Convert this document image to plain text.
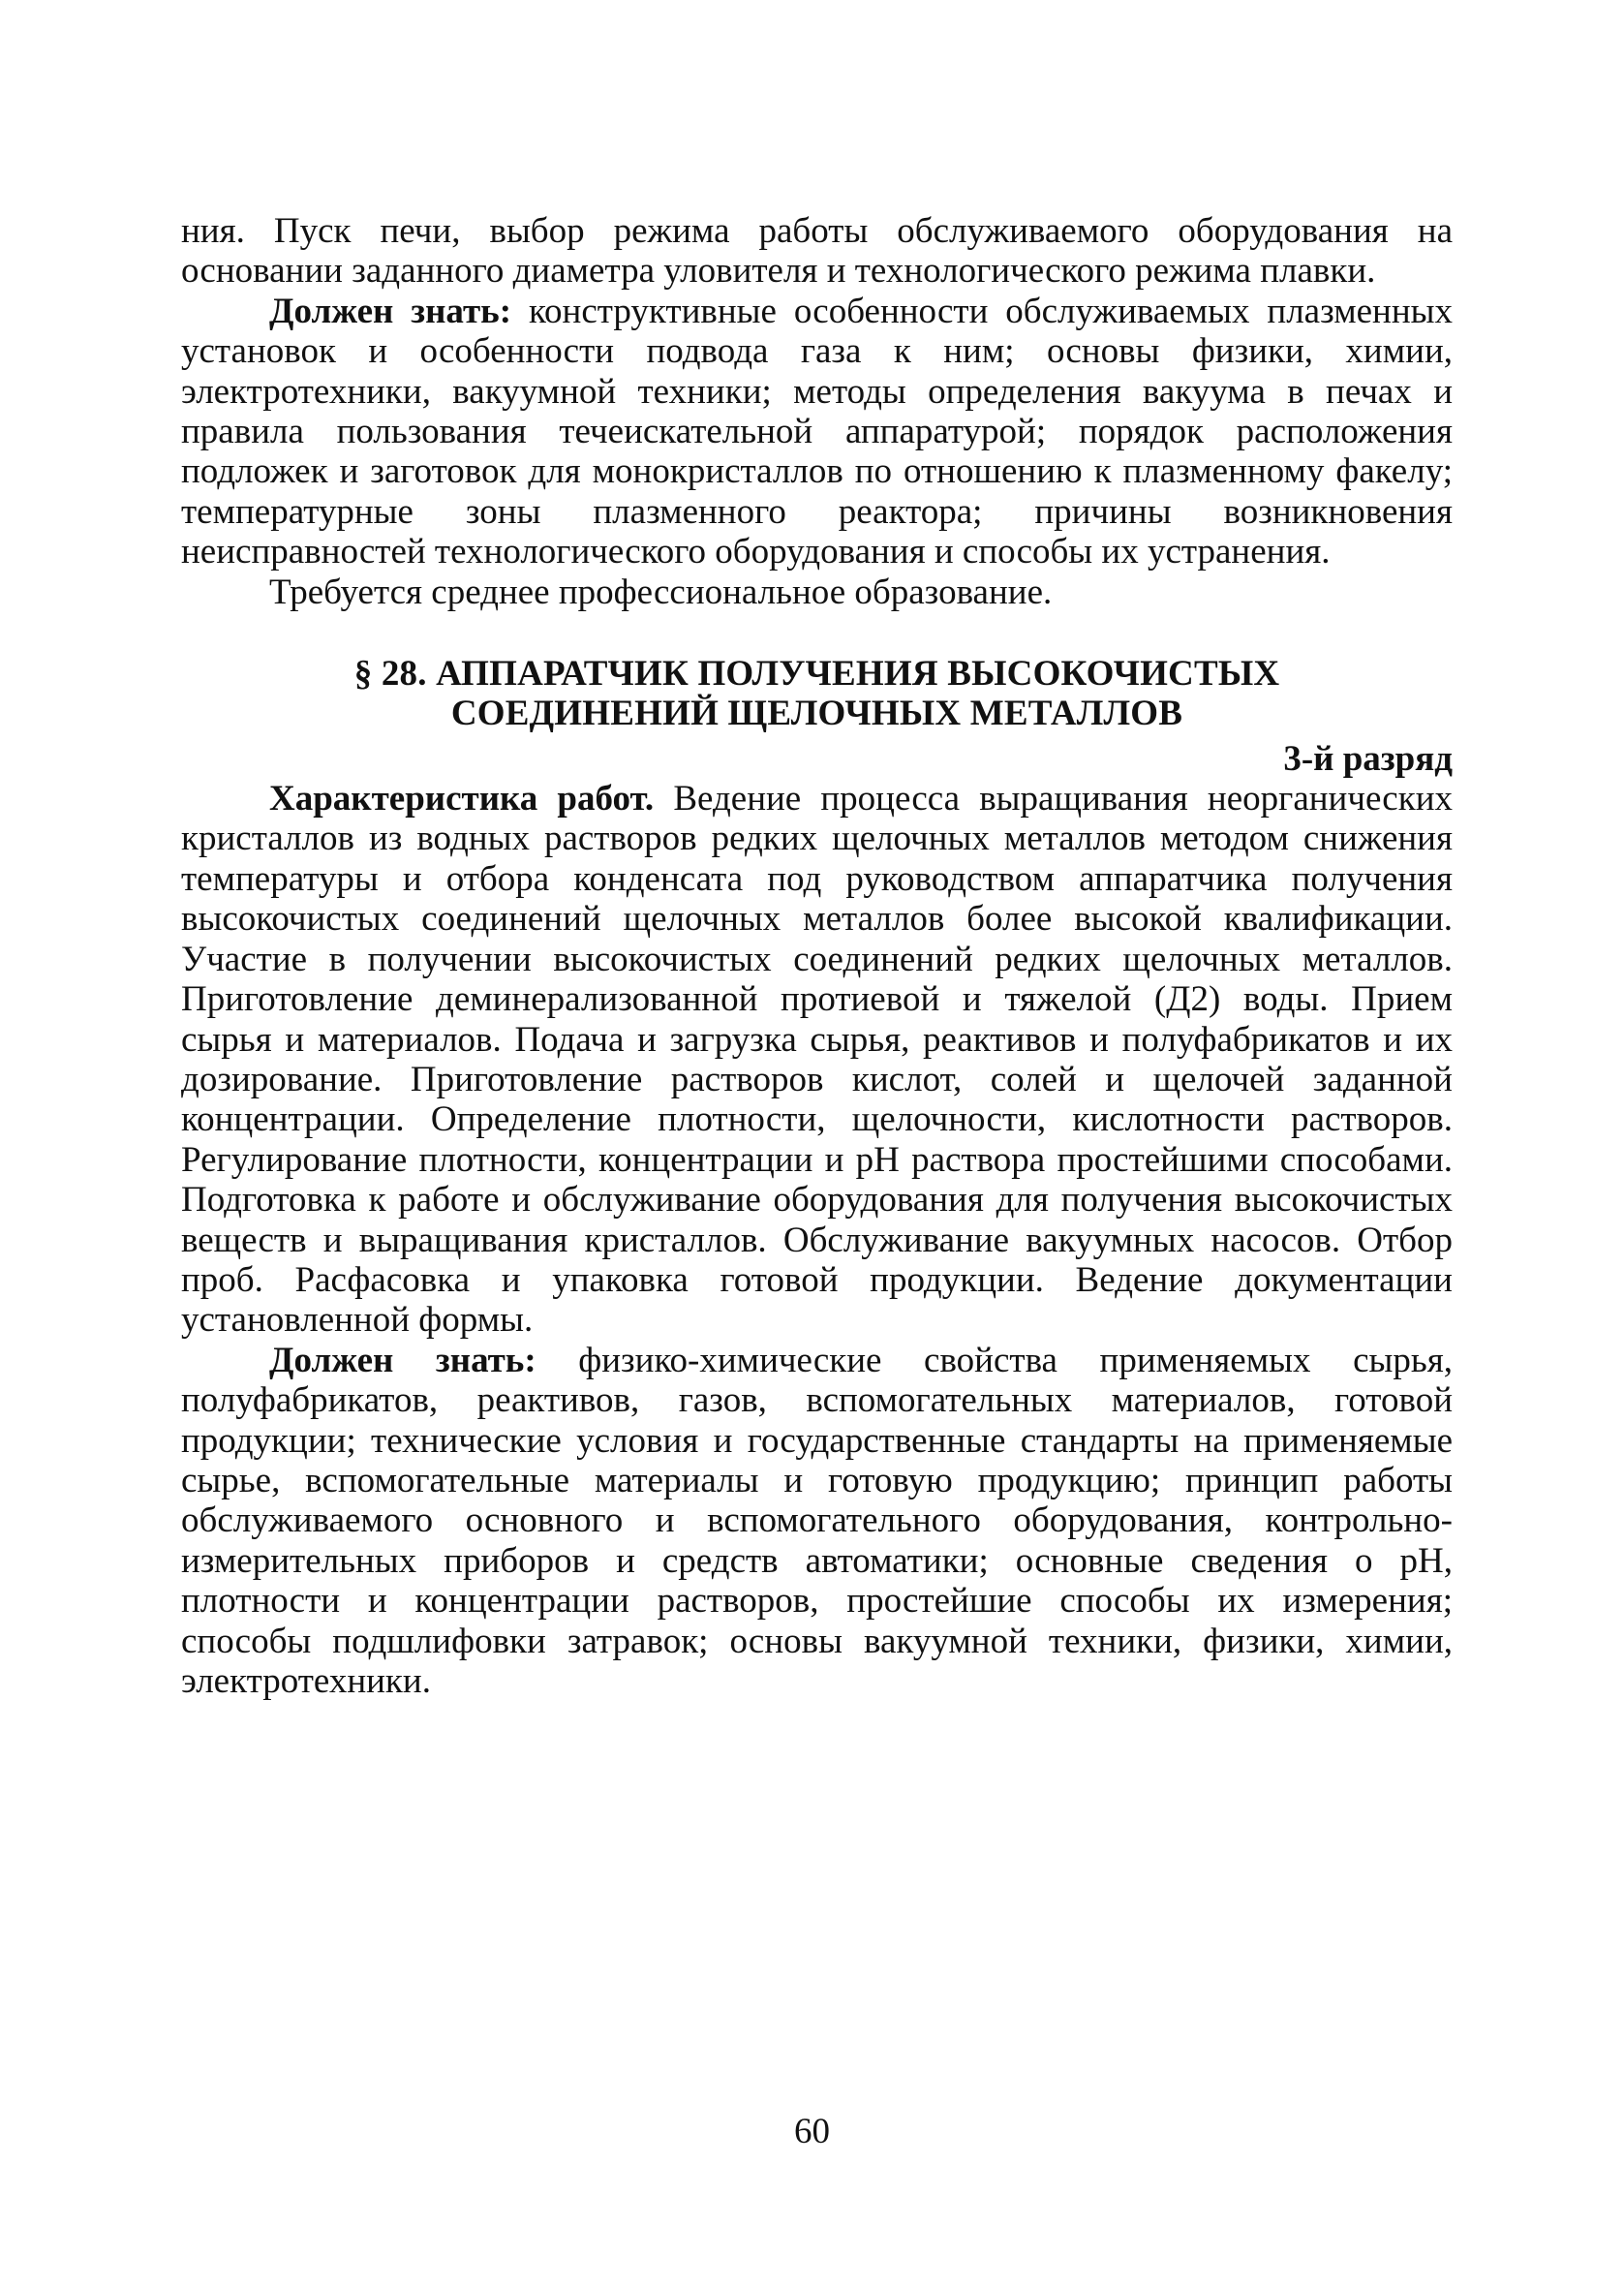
ния. Пуск печи, выбор режима работы обслуживаемого оборудования на основании заданного диаметра уловителя и технологического режима плавки.

Должен знать: конструктивные особенности обслуживаемых плазменных установок и особенности подвода газа к ним; основы физики, химии, электротехники, вакуумной техники; методы определения вакуума в печах и правила пользования течеискательной аппаратурой; порядок расположения подложек и заготовок для монокристаллов по отношению к плазменному факелу; температурные зоны плазменного реактора; причины возникновения неисправностей технологического оборудования и способы их устранения.

Требуется среднее профессиональное образование.

§ 28. АППАРАТЧИК ПОЛУЧЕНИЯ ВЫСОКОЧИСТЫХ
СОЕДИНЕНИЙ ЩЕЛОЧНЫХ МЕТАЛЛОВ

3-й разряд

Характеристика работ. Ведение процесса выращивания неорганических кристаллов из водных растворов редких щелочных металлов методом снижения температуры и отбора конденсата под руководством аппаратчика получения высокочистых соединений щелочных металлов более высокой квалификации. Участие в получении высокочистых соединений редких щелочных металлов. Приготовление деминерализованной протиевой и тяжелой (Д2) воды. Прием сырья и материалов. Подача и загрузка сырья, реактивов и полуфабрикатов и их дозирование. Приготовление растворов кислот, солей и щелочей заданной концентрации. Определение плотности, щелочности, кислотности растворов. Регулирование плотности, концентрации и рН раствора простейшими способами. Подготовка к работе и обслуживание оборудования для получения высокочистых веществ и выращивания кристаллов. Обслуживание вакуумных насосов. Отбор проб. Расфасовка и упаковка готовой продукции. Ведение документации установленной формы.

Должен знать: физико-химические свойства применяемых сырья, полуфабрикатов, реактивов, газов, вспомогательных материалов, готовой продукции; технические условия и государственные стандарты на применяемые сырье, вспомогательные материалы и готовую продукцию; принцип работы обслуживаемого основного и вспомогательного оборудования, контрольно-измерительных приборов и средств автоматики; основные сведения о рН, плотности и концентрации растворов, простейшие способы их измерения; способы подшлифовки затравок; основы вакуумной техники, физики, химии, электротехники.

60
